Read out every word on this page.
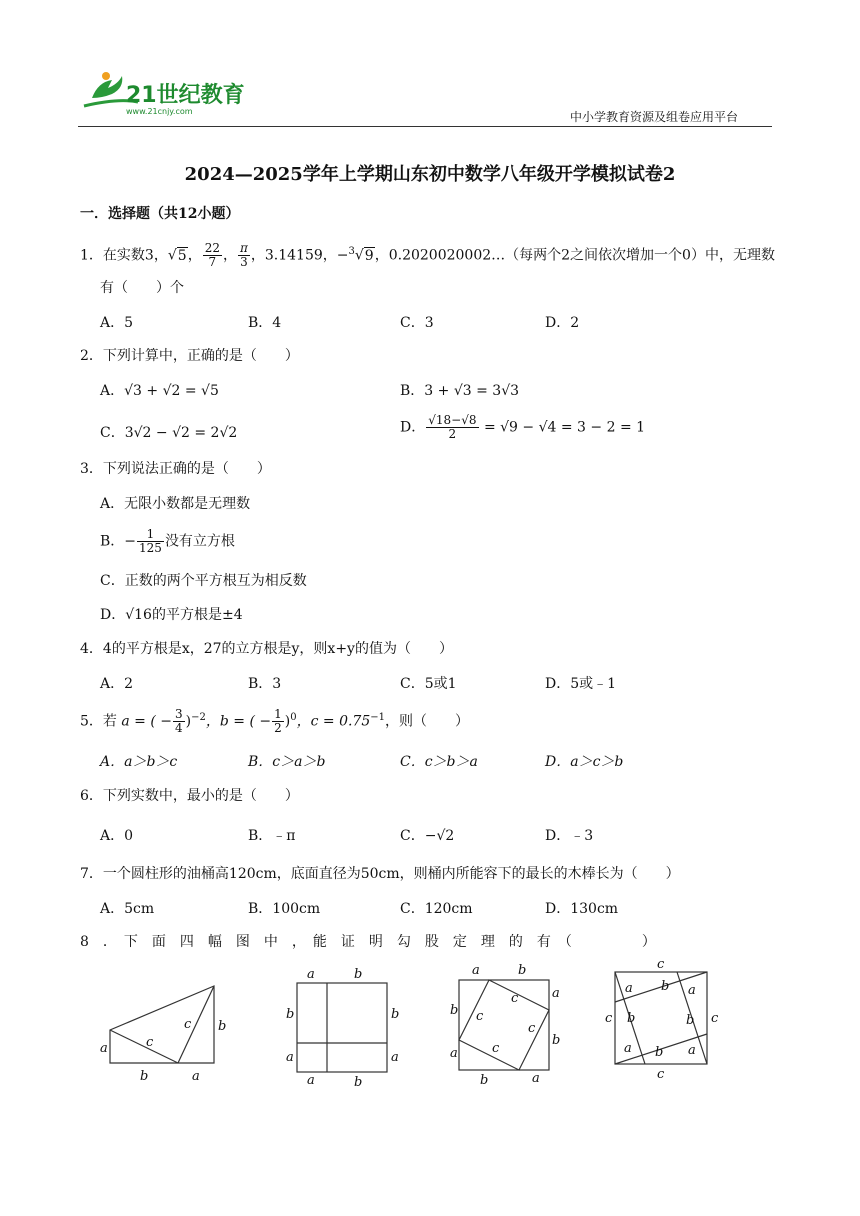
21世纪教育
www.21cnjy.com	中小学教育资源及组卷应用平台
2024—2025学年上学期山东初中数学八年级开学模拟试卷2
一．选择题（共12小题）
1．在实数3，√5， $\frac{22}{7}$ ， $\frac{\pi}{3}$ ，3.14159，−$^3$√9，0.2020020002…（每两个2之间依次增加一个0）中，无理数
有（　　）个
A．5	B．4	C．3	D．2
2．下列计算中，正确的是（　　）
A．√3 + √2 = √5	B．3 + √3 = 3√3
C．3√2 − √2 = 2√2	D． $\frac{√18-√8}{2} = √9 - √4 = 3 - 2 = 1$
3．下列说法正确的是（　　）
A．无限小数都是无理数
B．− $\frac{1}{125}$ 没有立方根
C．正数的两个平方根互为相反数
D．√16的平方根是±4
4．4的平方根是x，27的立方根是y，则x+y的值为（　　）
A．2	B．3	C．5或1	D．5或﹣1
5．若 a = ( − $\frac{3}{4} )^{-2}$，b = ( − $\frac{1}{2} )^0$，$c = 0.75^{-1}$，则（　　）
A．a＞b＞c	B．c＞a＞b	C．c＞b＞a	D．a＞c＞b
6．下列实数中，最小的是（　　）
A．0	B．﹣π	C．−√2	D．﹣3
7．一个圆柱形的油桶高120cm，底面直径为50cm，则桶内所能容下的最长的木棒长为（　　）
A．5cm	B．100cm	C．120cm	D．130cm
8　．　下　面　四　幅　图　中　，　能　证　明　勾　股　定　理　的　有　（　　　　　）
a
b	a
b
c
c
a	b
b	b
a	a
a	b
a	b
a
b
b
a
b	a
c
c
c
c
c
c	c
c
a b a
b	b
a b a
